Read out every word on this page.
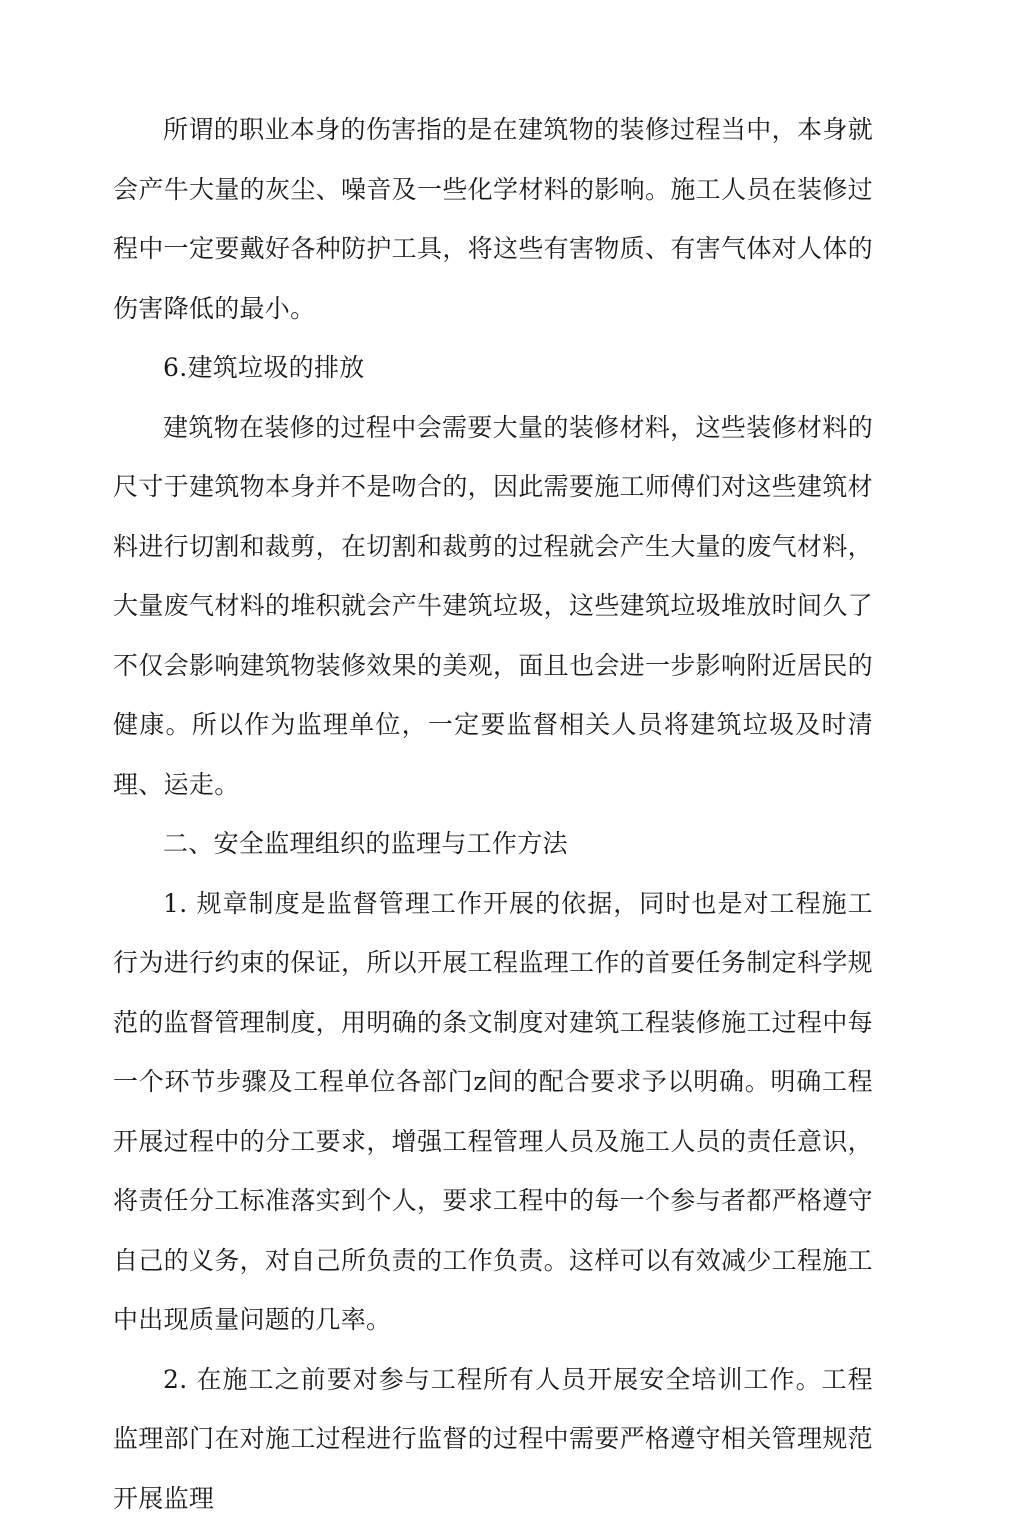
所谓的职业本身的伤害指的是在建筑物的装修过程当中，本身就会产牛大量的灰尘、噪音及一些化学材料的影响。施工人员在装修过程中一定要戴好各种防护工具，将这些有害物质、有害气体对人体的伤害降低的最小。

6.建筑垃圾的排放

建筑物在装修的过程中会需要大量的装修材料，这些装修材料的尺寸于建筑物本身并不是吻合的，因此需要施工师傅们对这些建筑材料进行切割和裁剪，在切割和裁剪的过程就会产生大量的废气材料，大量废气材料的堆积就会产牛建筑垃圾，这些建筑垃圾堆放时间久了不仅会影响建筑物装修效果的美观，面且也会进一步影响附近居民的健康。所以作为监理单位，一定要监督相关人员将建筑垃圾及时清理、运走。

二、安全监理组织的监理与工作方法

1. 规章制度是监督管理工作开展的依据，同时也是对工程施工行为进行约束的保证，所以开展工程监理工作的首要任务制定科学规范的监督管理制度，用明确的条文制度对建筑工程装修施工过程中每一个环节步骤及工程单位各部门z间的配合要求予以明确。明确工程开展过程中的分工要求，增强工程管理人员及施工人员的责任意识，将责任分工标准落实到个人，要求工程中的每一个参与者都严格遵守自己的义务，对自己所负责的工作负责。这样可以有效减少工程施工中出现质量问题的几率。

2. 在施工之前要对参与工程所有人员开展安全培训工作。工程监理部门在对施工过程进行监督的过程中需要严格遵守相关管理规范开展监理
